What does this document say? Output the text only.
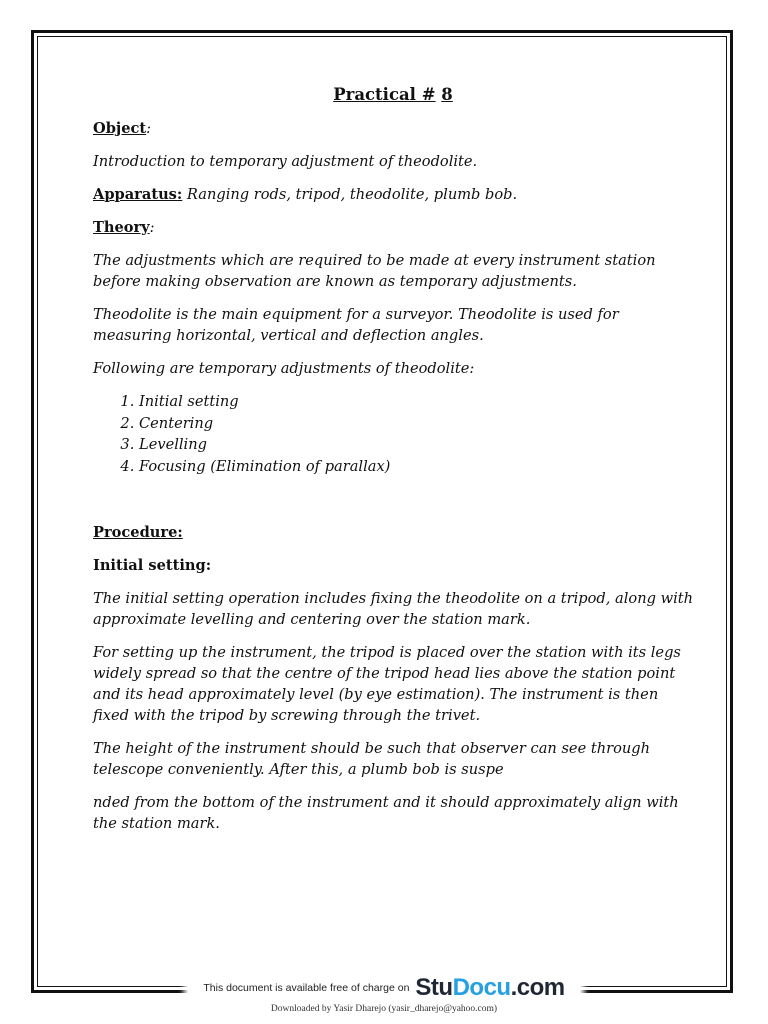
Practical # 8

Object:

Introduction to temporary adjustment of theodolite.

Apparatus: Ranging rods, tripod, theodolite, plumb bob.

Theory:

The adjustments which are required to be made at every instrument station before making observation are known as temporary adjustments.

Theodolite is the main equipment for a surveyor. Theodolite is used for measuring horizontal, vertical and deflection angles.

Following are temporary adjustments of theodolite:

1. Initial setting
2. Centering
3. Levelling
4. Focusing (Elimination of parallax)

Procedure:

Initial setting:

The initial setting operation includes fixing the theodolite on a tripod, along with approximate levelling and centering over the station mark.

For setting up the instrument, the tripod is placed over the station with its legs widely spread so that the centre of the tripod head lies above the station point and its head approximately level (by eye estimation). The instrument is then fixed with the tripod by screwing through the trivet.

The height of the instrument should be such that observer can see through telescope conveniently. After this, a plumb bob is suspe

nded from the bottom of the instrument and it should approximately align with the station mark.

This document is available free of charge on StuDocu.com
Downloaded by Yasir Dharejo (yasir_dharejo@yahoo.com)
